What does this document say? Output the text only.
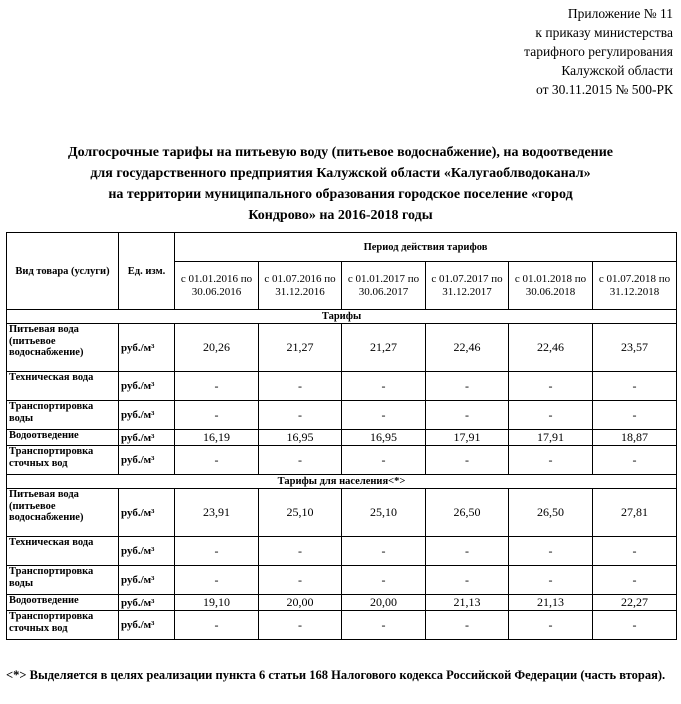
Приложение № 11
к приказу министерства
тарифного регулирования
Калужской области
от 30.11.2015 № 500-РК
Долгосрочные тарифы на питьевую воду (питьевое водоснабжение), на водоотведение
для государственного предприятия Калужской области «Калугаоблводоканал»
на территории муниципального образования городское поселение «город
Кондрово» на 2016-2018 годы
Вид товара (услуги)	Ед. изм.	Период действия тарифов					
		с 01.01.2016 по 30.06.2016	с 01.07.2016 по 31.12.2016	с 01.01.2017 по 30.06.2017	с 01.07.2017 по 31.12.2017	с 01.01.2018 по 30.06.2018	с 01.07.2018 по 31.12.2018
Тарифы							
Питьевая вода (питьевое водоснабжение)	руб./м³	20,26	21,27	21,27	22,46	22,46	23,57
Техническая вода	руб./м³	-	-	-	-	-	-
Транспортировка воды	руб./м³	-	-	-	-	-	-
Водоотведение	руб./м³	16,19	16,95	16,95	17,91	17,91	18,87
Транспортировка сточных вод	руб./м³	-	-	-	-	-	-
Тарифы для населения<*>							
Питьевая вода (питьевое водоснабжение)	руб./м³	23,91	25,10	25,10	26,50	26,50	27,81
Техническая вода	руб./м³	-	-	-	-	-	-
Транспортировка воды	руб./м³	-	-	-	-	-	-
Водоотведение	руб./м³	19,10	20,00	20,00	21,13	21,13	22,27
Транспортировка сточных вод	руб./м³	-	-	-	-	-	-
<*> Выделяется в целях реализации пункта 6 статьи 168 Налогового кодекса Российской Федерации (часть вторая).
